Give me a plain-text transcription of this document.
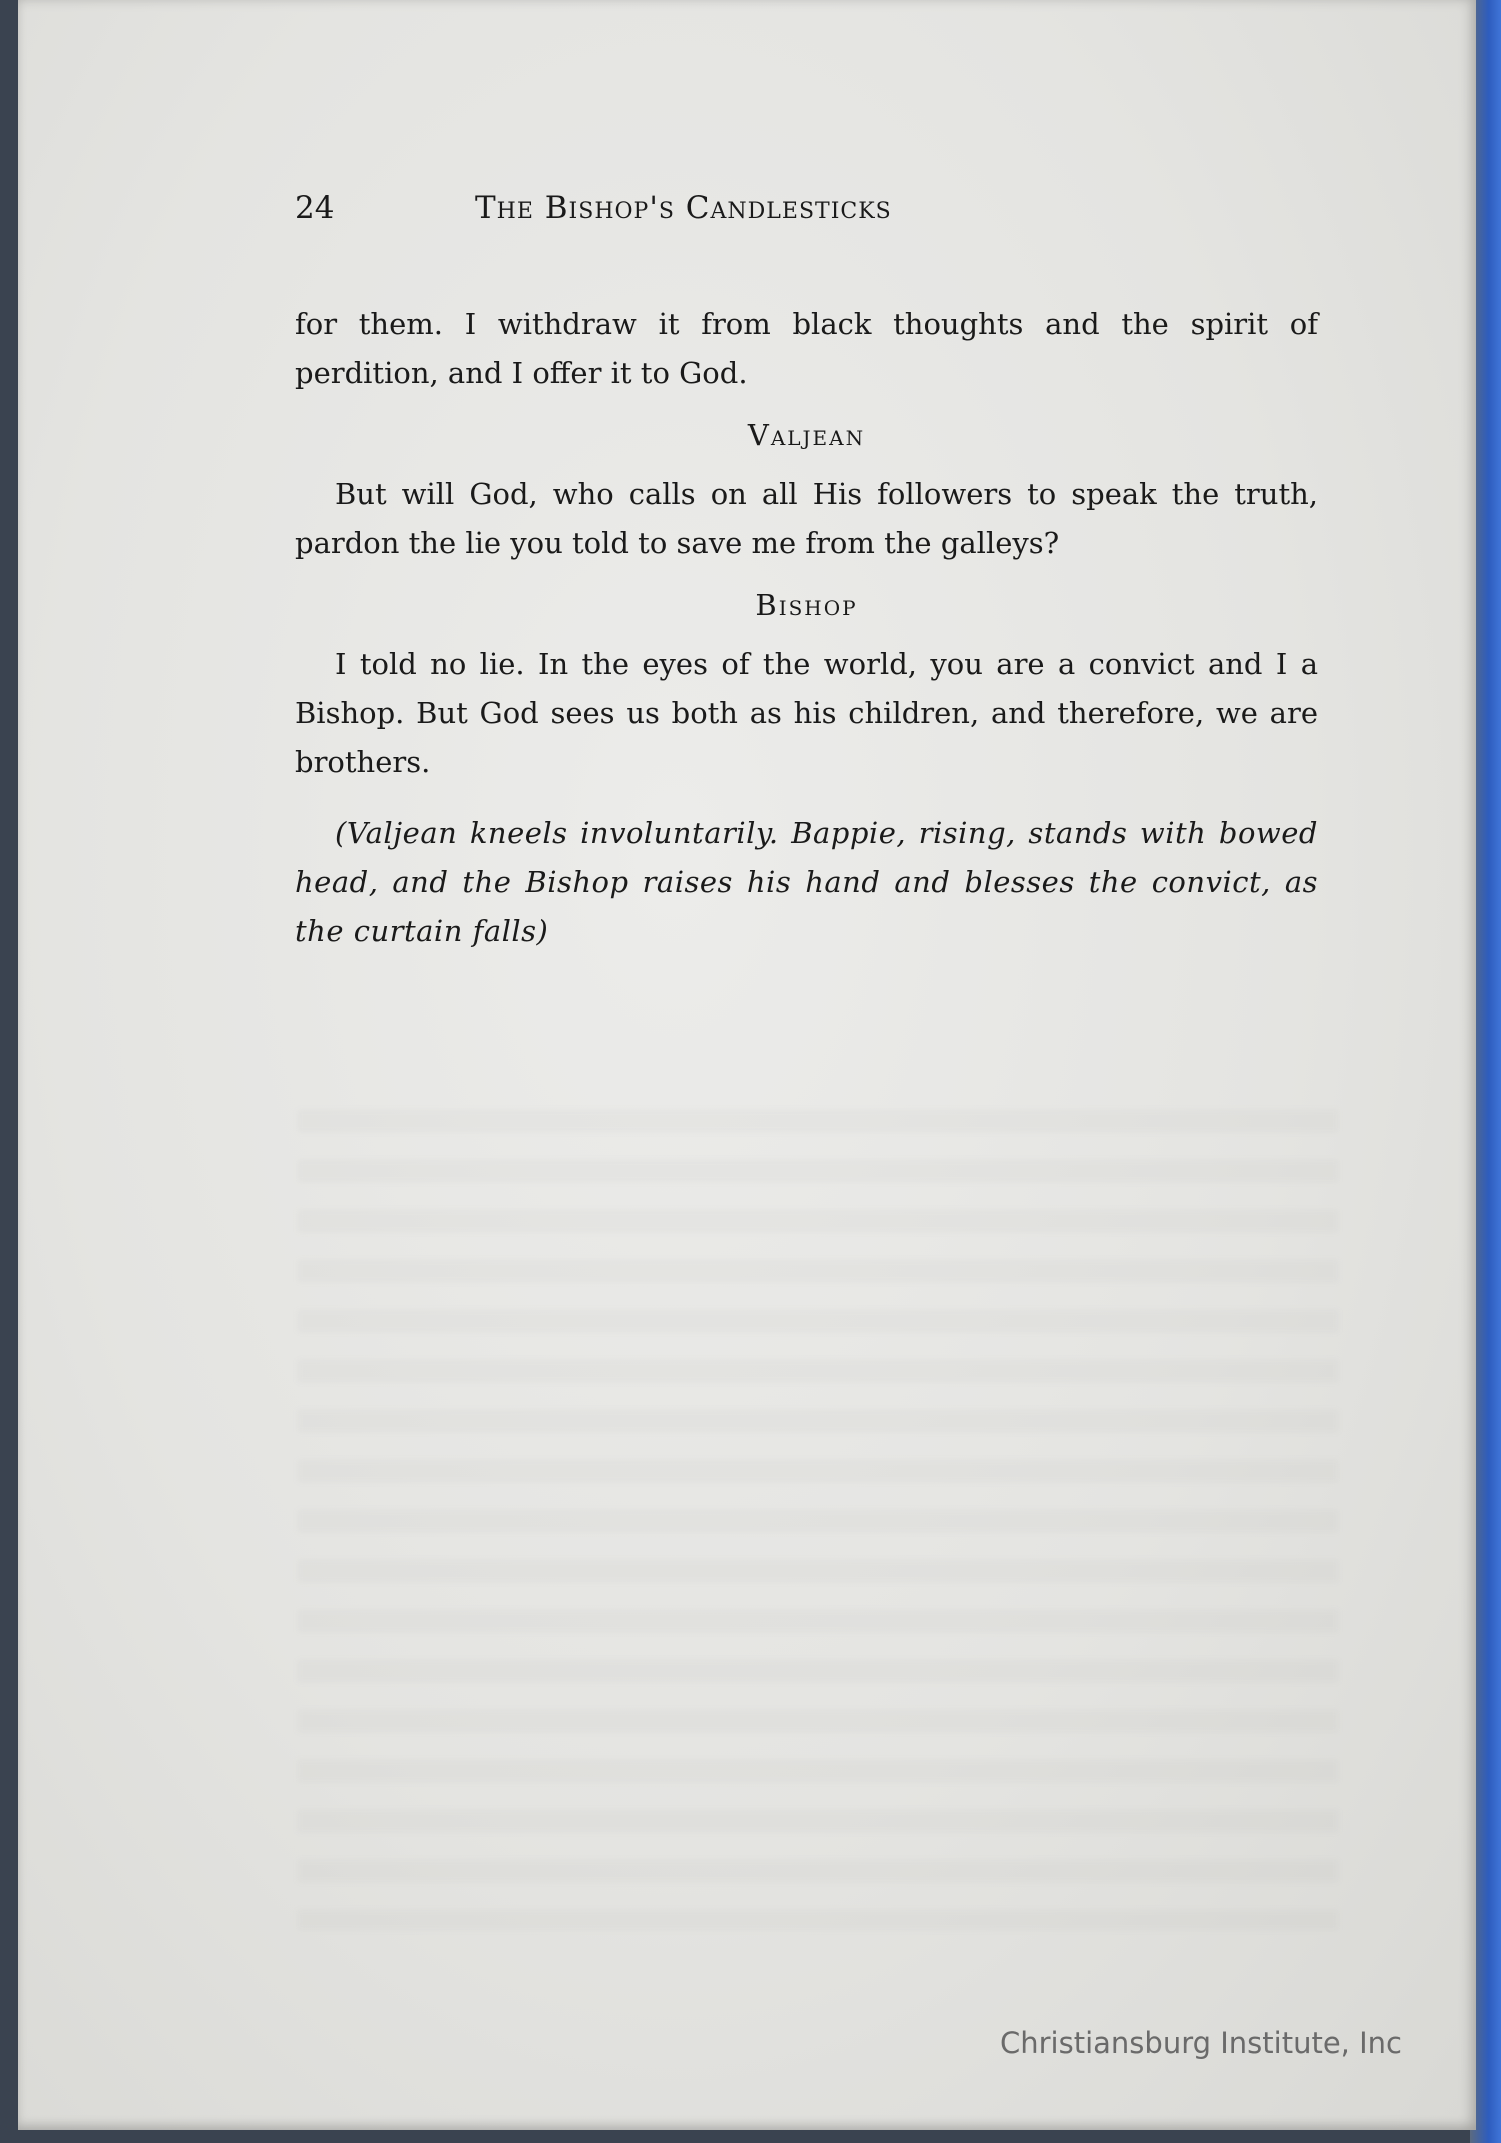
24	The Bishop's Candlesticks

for them. I withdraw it from black thoughts and the spirit of perdition, and I offer it to God.

Valjean

But will God, who calls on all His followers to speak the truth, pardon the lie you told to save me from the galleys?

Bishop

I told no lie. In the eyes of the world, you are a convict and I a Bishop. But God sees us both as his children, and therefore, we are brothers.

(Valjean kneels involuntarily. Bappie, rising, stands with bowed head, and the Bishop raises his hand and blesses the convict, as the curtain falls)

Christiansburg Institute, Inc
